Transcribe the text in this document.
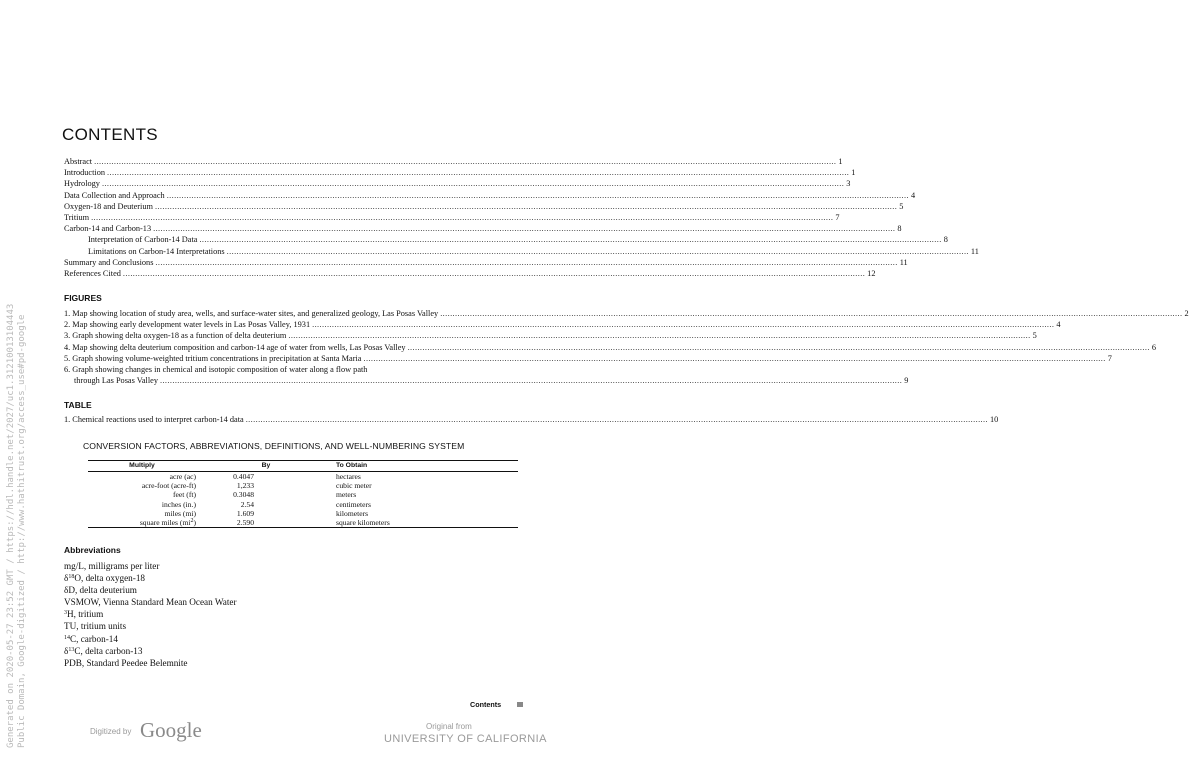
Generated on 2020-05-27 23:52 GMT / https://hdl.handle.net/2027/uc1.31210013104443 Public Domain, Google-digitized / http://www.hathitrust.org/access_use#pd-google
CONTENTS
Abstract ............................................................................................................................................................................................................................................................................................................ 1
Introduction ............................................................................................................................................................................................................................................................................................................ 1
Hydrology ............................................................................................................................................................................................................................................................................................................ 3
Data Collection and Approach ............................................................................................................................................................................................................................................................................................................ 4
Oxygen-18 and Deuterium ............................................................................................................................................................................................................................................................................................................ 5
Tritium ............................................................................................................................................................................................................................................................................................................ 7
Carbon-14 and Carbon-13 ............................................................................................................................................................................................................................................................................................................ 8
Interpretation of Carbon-14 Data ............................................................................................................................................................................................................................................................................................................ 8
Limitations on Carbon-14 Interpretations ............................................................................................................................................................................................................................................................................................................ 11
Summary and Conclusions ............................................................................................................................................................................................................................................................................................................ 11
References Cited ............................................................................................................................................................................................................................................................................................................ 12
FIGURES
1. Map showing location of study area, wells, and surface-water sites, and generalized geology, Las Posas Valley ............................................................................................................................................................................................................................................................................................................ 2
2. Map showing early development water levels in Las Posas Valley, 1931 ............................................................................................................................................................................................................................................................................................................ 4
3. Graph showing delta oxygen-18 as a function of delta deuterium ............................................................................................................................................................................................................................................................................................................ 5
4. Map showing delta deuterium composition and carbon-14 age of water from wells, Las Posas Valley ............................................................................................................................................................................................................................................................................................................ 6
5. Graph showing volume-weighted tritium concentrations in precipitation at Santa Maria ............................................................................................................................................................................................................................................................................................................ 7
6. Graph showing changes in chemical and isotopic composition of water along a flow path
through Las Posas Valley ............................................................................................................................................................................................................................................................................................................ 9
TABLE
1. Chemical reactions used to interpret carbon-14 data ............................................................................................................................................................................................................................................................................................................ 10
CONVERSION FACTORS, ABBREVIATIONS, DEFINITIONS, AND WELL-NUMBERING SYSTEM
Multiply	By	To Obtain
acre (ac)	0.4047	hectares
acre-foot (acre-ft)	1,233	cubic meter
feet (ft)	0.3048	meters
inches (in.)	2.54	centimeters
miles (mi)	1.609	kilometers
square miles $(mi^2)$	2.590	square kilometers
Abbreviations
mg/L, milligrams per liter
$\delta^{18}O$, delta oxygen-18
δD, delta deuterium
VSMOW, Vienna Standard Mean Ocean Water
$^3$H, tritium
TU, tritium units
$^{14}$C, carbon-14
$\delta^{13}C$, delta carbon-13
PDB, Standard Peedee Belemnite
Contents III
Digitized by Google	Original from
UNIVERSITY OF CALIFORNIA
